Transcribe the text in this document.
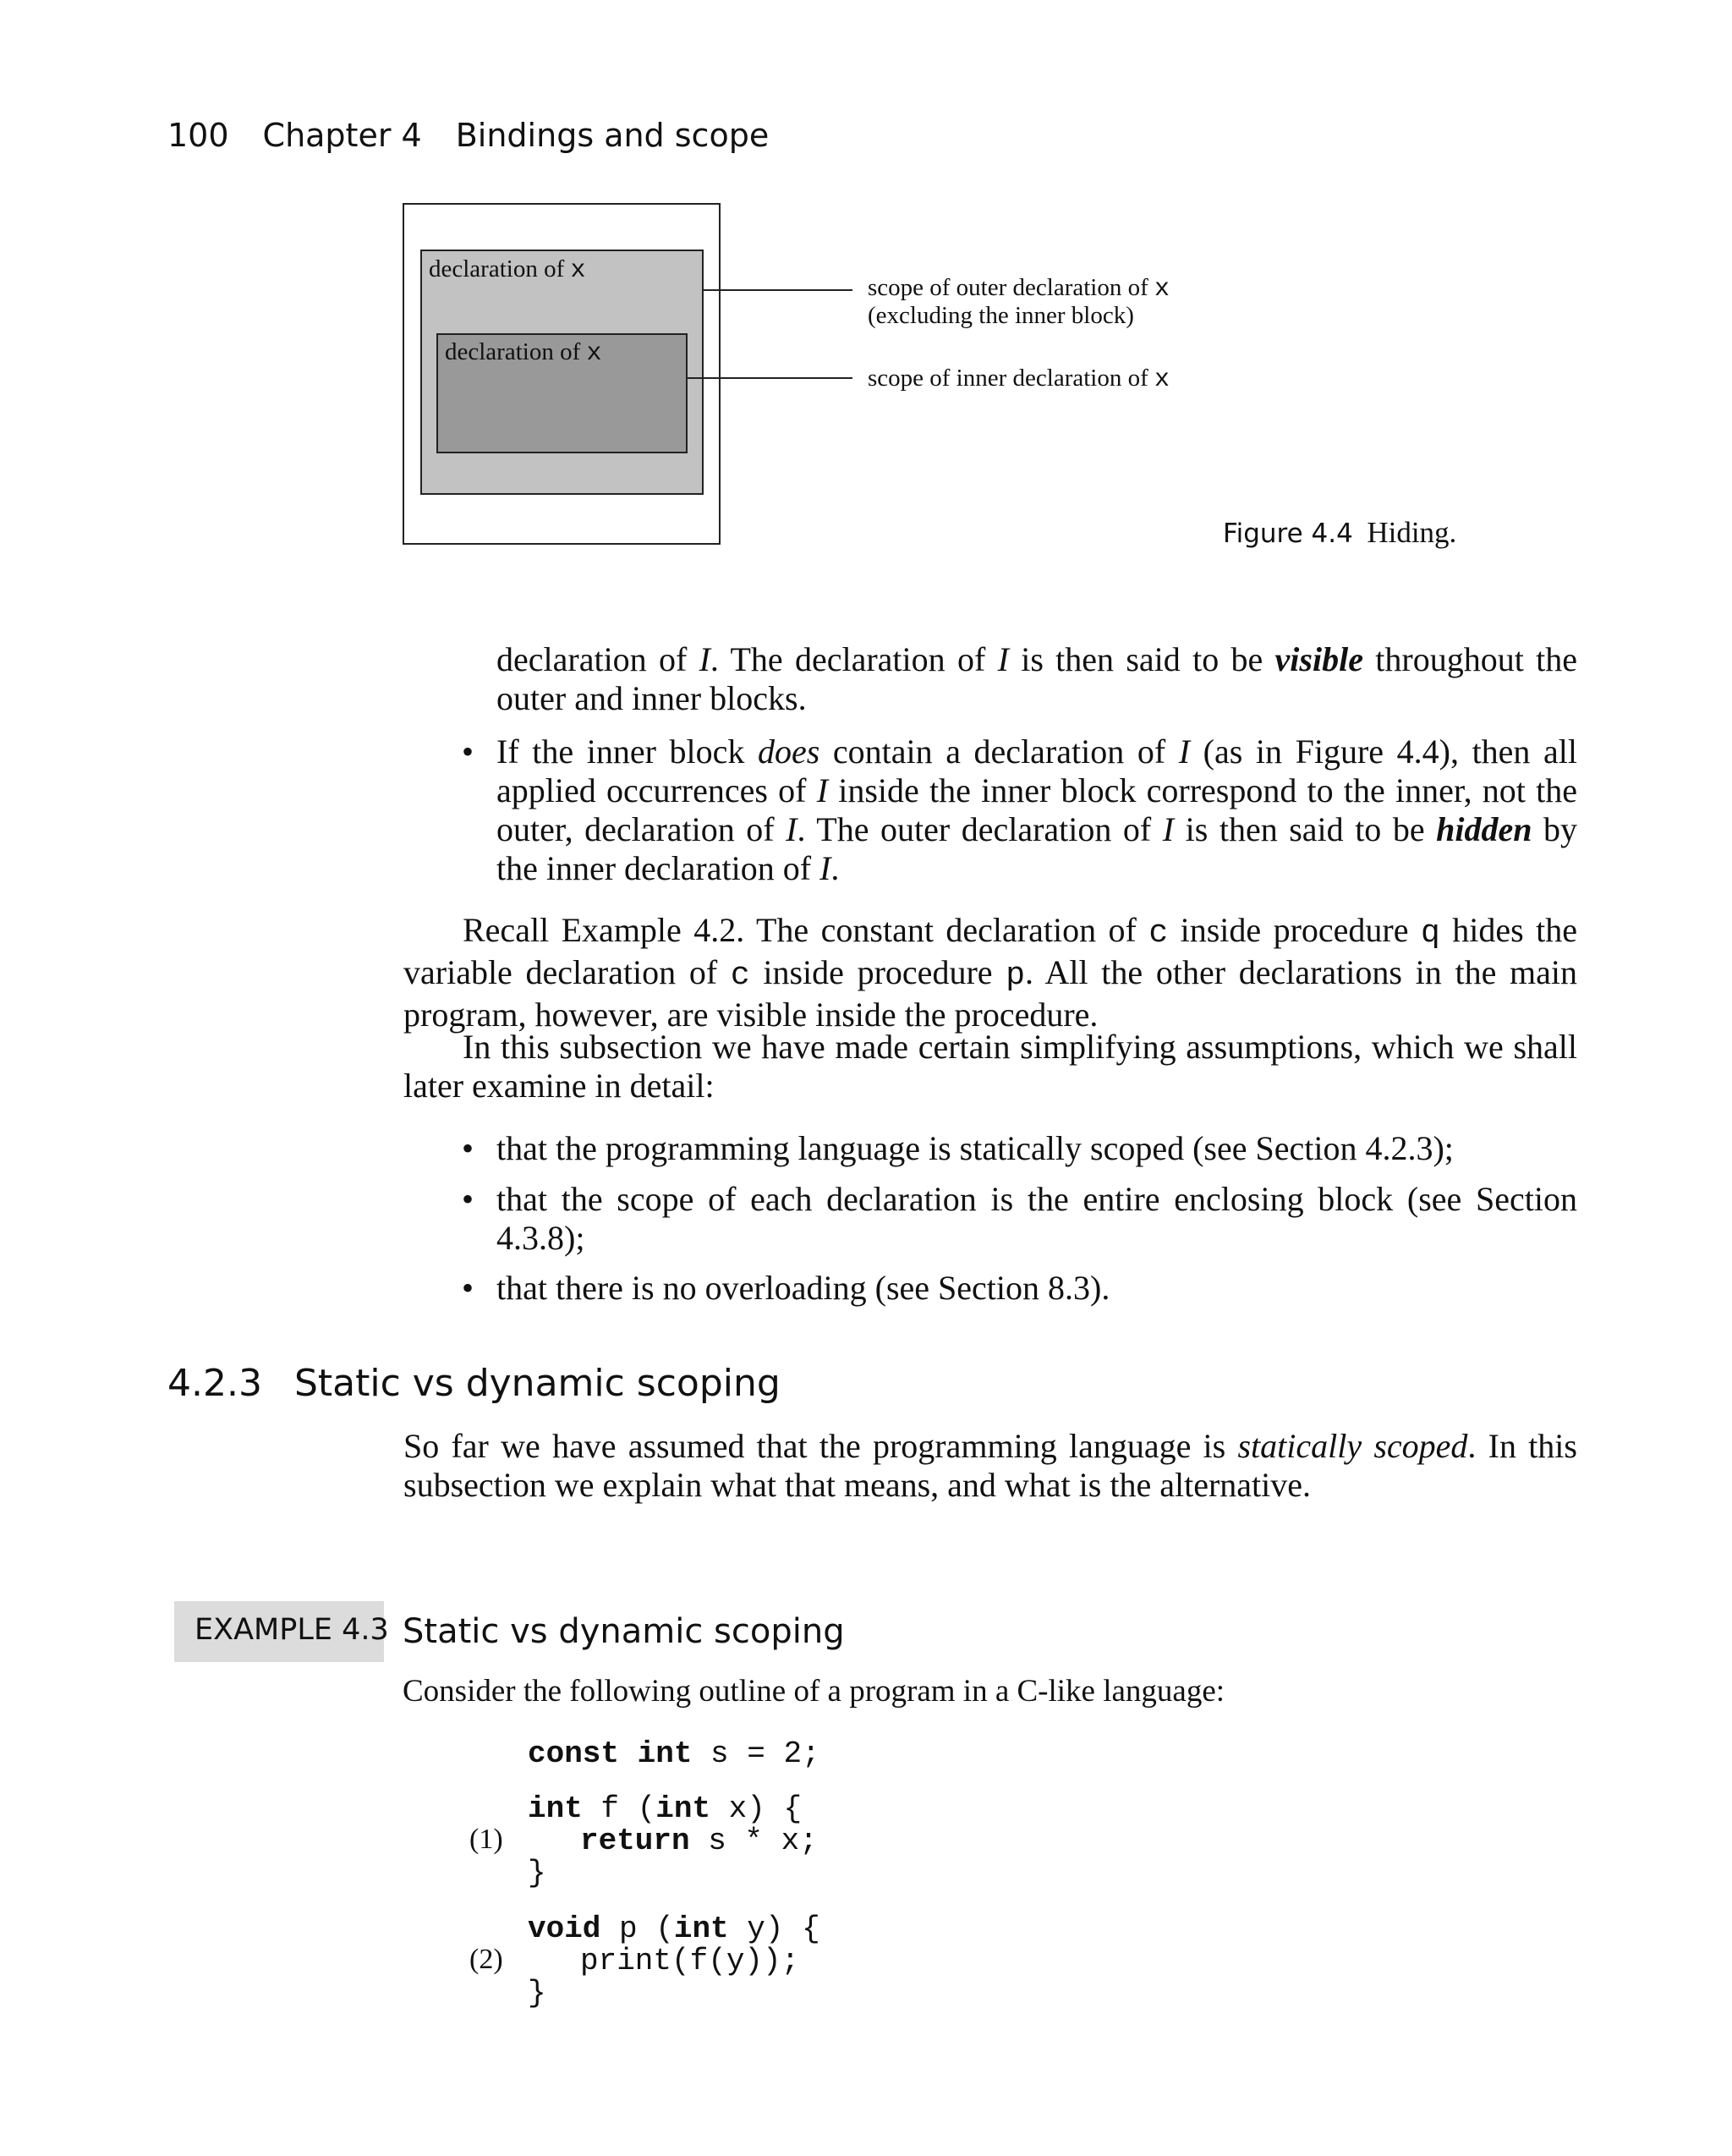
100 Chapter 4 Bindings and scope
declaration of x
declaration of x
scope of outer declaration of x
(excluding the inner block)
scope of inner declaration of x
Figure 4.4 Hiding.
declaration of I. The declaration of I is then said to be visible throughout the outer and inner blocks.
• If the inner block does contain a declaration of I (as in Figure 4.4), then all applied occurrences of I inside the inner block correspond to the inner, not the outer, declaration of I. The outer declaration of I is then said to be hidden by the inner declaration of I.
Recall Example 4.2. The constant declaration of c inside procedure q hides the variable declaration of c inside procedure p. All the other declarations in the main program, however, are visible inside the procedure.
In this subsection we have made certain simplifying assumptions, which we shall later examine in detail:
• that the programming language is statically scoped (see Section 4.2.3);
• that the scope of each declaration is the entire enclosing block (see Section 4.3.8);
• that there is no overloading (see Section 8.3).
4.2.3 Static vs dynamic scoping
So far we have assumed that the programming language is statically scoped. In this subsection we explain what that means, and what is the alternative.
EXAMPLE 4.3 Static vs dynamic scoping
Consider the following outline of a program in a C-like language:
const int s = 2;
int f (int x) {
(1)	return s * x;
}
void p (int y) {
(2)	print(f(y));
}
